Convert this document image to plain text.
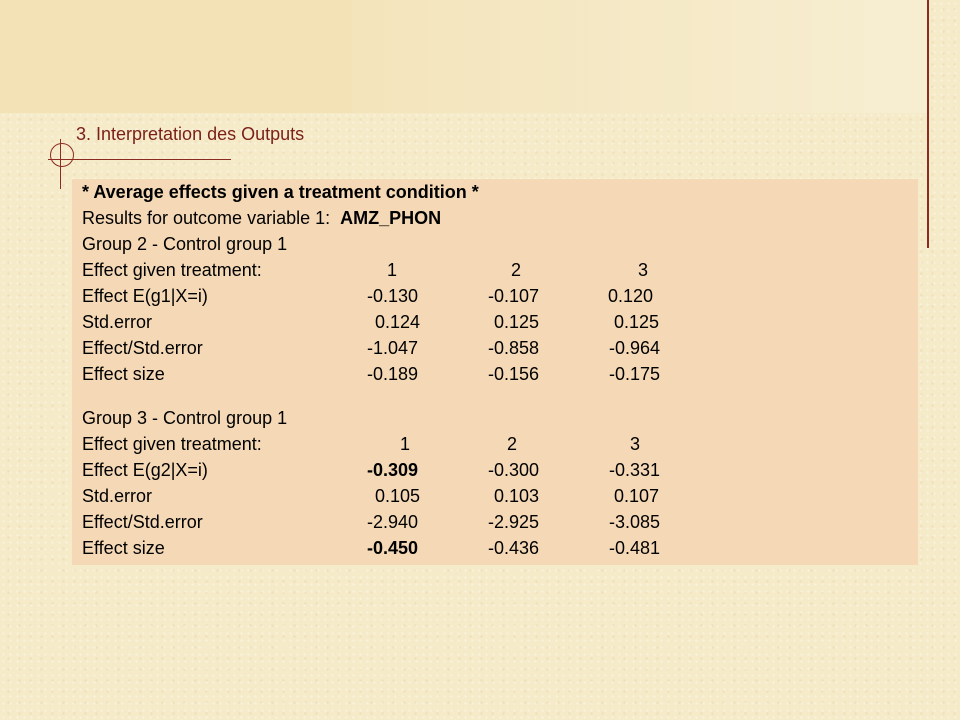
3. Interpretation des Outputs
* Average effects given a treatment condition *
Results for outcome variable 1: AMZ_PHON
Group 2 - Control group 1
Effect given treatment:	1	2	3
Effect E(g1|X=i)	-0.130	-0.107	0.120
Std.error	0.124	0.125	0.125
Effect/Std.error	-1.047	-0.858	-0.964
Effect size	-0.189	-0.156	-0.175
Group 3 - Control group 1
Effect given treatment:	1	2	3
Effect E(g2|X=i)	-0.309	-0.300	-0.331
Std.error	0.105	0.103	0.107
Effect/Std.error	-2.940	-2.925	-3.085
Effect size	-0.450	-0.436	-0.481
